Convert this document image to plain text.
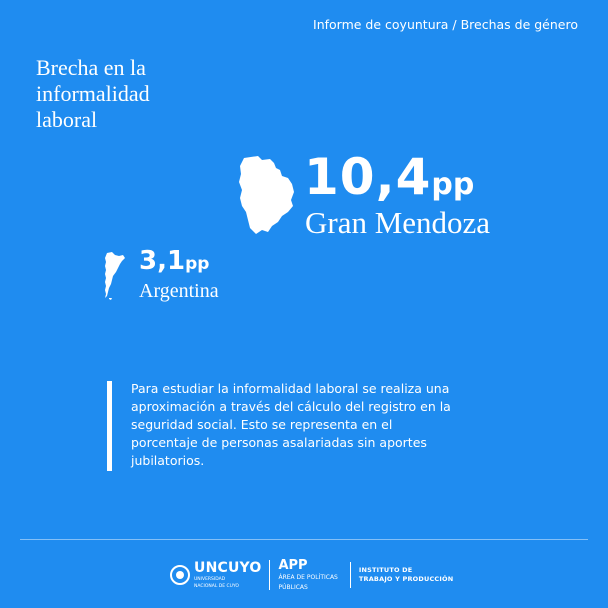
Informe de coyuntura / Brechas de género
Brecha en la
informalidad
laboral
10,4pp
Gran Mendoza
3,1pp
Argentina
Para estudiar la informalidad laboral se realiza una aproximación a través del cálculo del registro en la seguridad social. Esto se representa en el porcentaje de personas asalariadas sin aportes jubilatorios.
UNCUYO
UNIVERSIDAD
NACIONAL DE CUYO
APP
ÁREA DE POLÍTICAS
PÚBLICAS
INSTITUTO DE
TRABAJO Y PRODUCCIÓN
